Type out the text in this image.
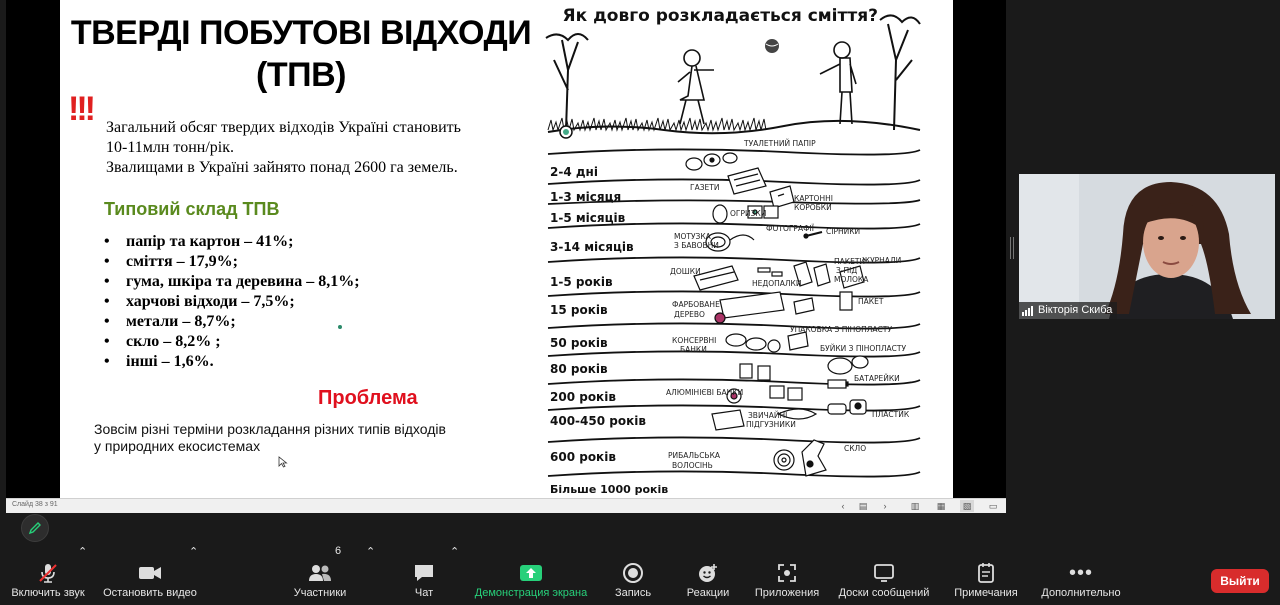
ТВЕРДІ ПОБУТОВІ ВІДХОДИ
(ТПВ)
!!! Загальний обсяг твердих відходів Україні становить

10-11млн тонн/рік.

Звалищами в Україні зайнято понад 2600 га земель.

Типовий склад ТПВ
• папір та картон – 41%;
• сміття – 17,9%;
• гума, шкіра та деревина – 8,1%;
• харчові відходи – 7,5%;
• метали – 8,7%;
• скло – 8,2% ;
• інші – 1,6%.
Проблема
Зовсім різні терміни розкладання різних типів відходів
у природних екосистемах
Як довго розкладається сміття?
2-4 дні
1-3 місяця
1-5 місяців
3-14 місяців
1-5 років
15 років
50 років
80 років
200 років
400-450 років
600 років
Більше 1000 років
ТУАЛЕТНИЙ ПАПІР
ГАЗЕТИ
КАРТОННІ
КОРОБКИ
ОГРИЗКИ
ФОТОГРАФІЇ СІРНИКИ
МОТУЗКА
З БАВОВНИ
ДОШКИ
НЕДОПАЛКИ
ПАКЕТИ
З-ПІД
МОЛОКА
ЖУРНАЛИ
ПАКЕТ
ФАРБОВАНЕ
ДЕРЕВО
УПАКОВКА З ПІНОПЛАСТУ
КОНСЕРВНІ
БАНКИ	БУЙКИ З ПІНОПЛАСТУ
БАТАРЕЙКИ
АЛЮМІНІЄВІ БАНКИ
ЗВИЧАЙНІ
ПІДГУЗНИКИ
ПЛАСТИК
РИБАЛЬСЬКА
ВОЛОСІНЬ
СКЛО
Слайд 38 з 91	‹	▤	›	▥	▦	▧	▭
Вікторія Скиба
Включить звук
⌃
Остановить видео
⌃
Участники
6 ⌃
Чат
⌃
Демонстрация экрана	Запись	Реакции	Приложения	Доски сообщений	Примечания
•••
Дополнительно
Выйти
